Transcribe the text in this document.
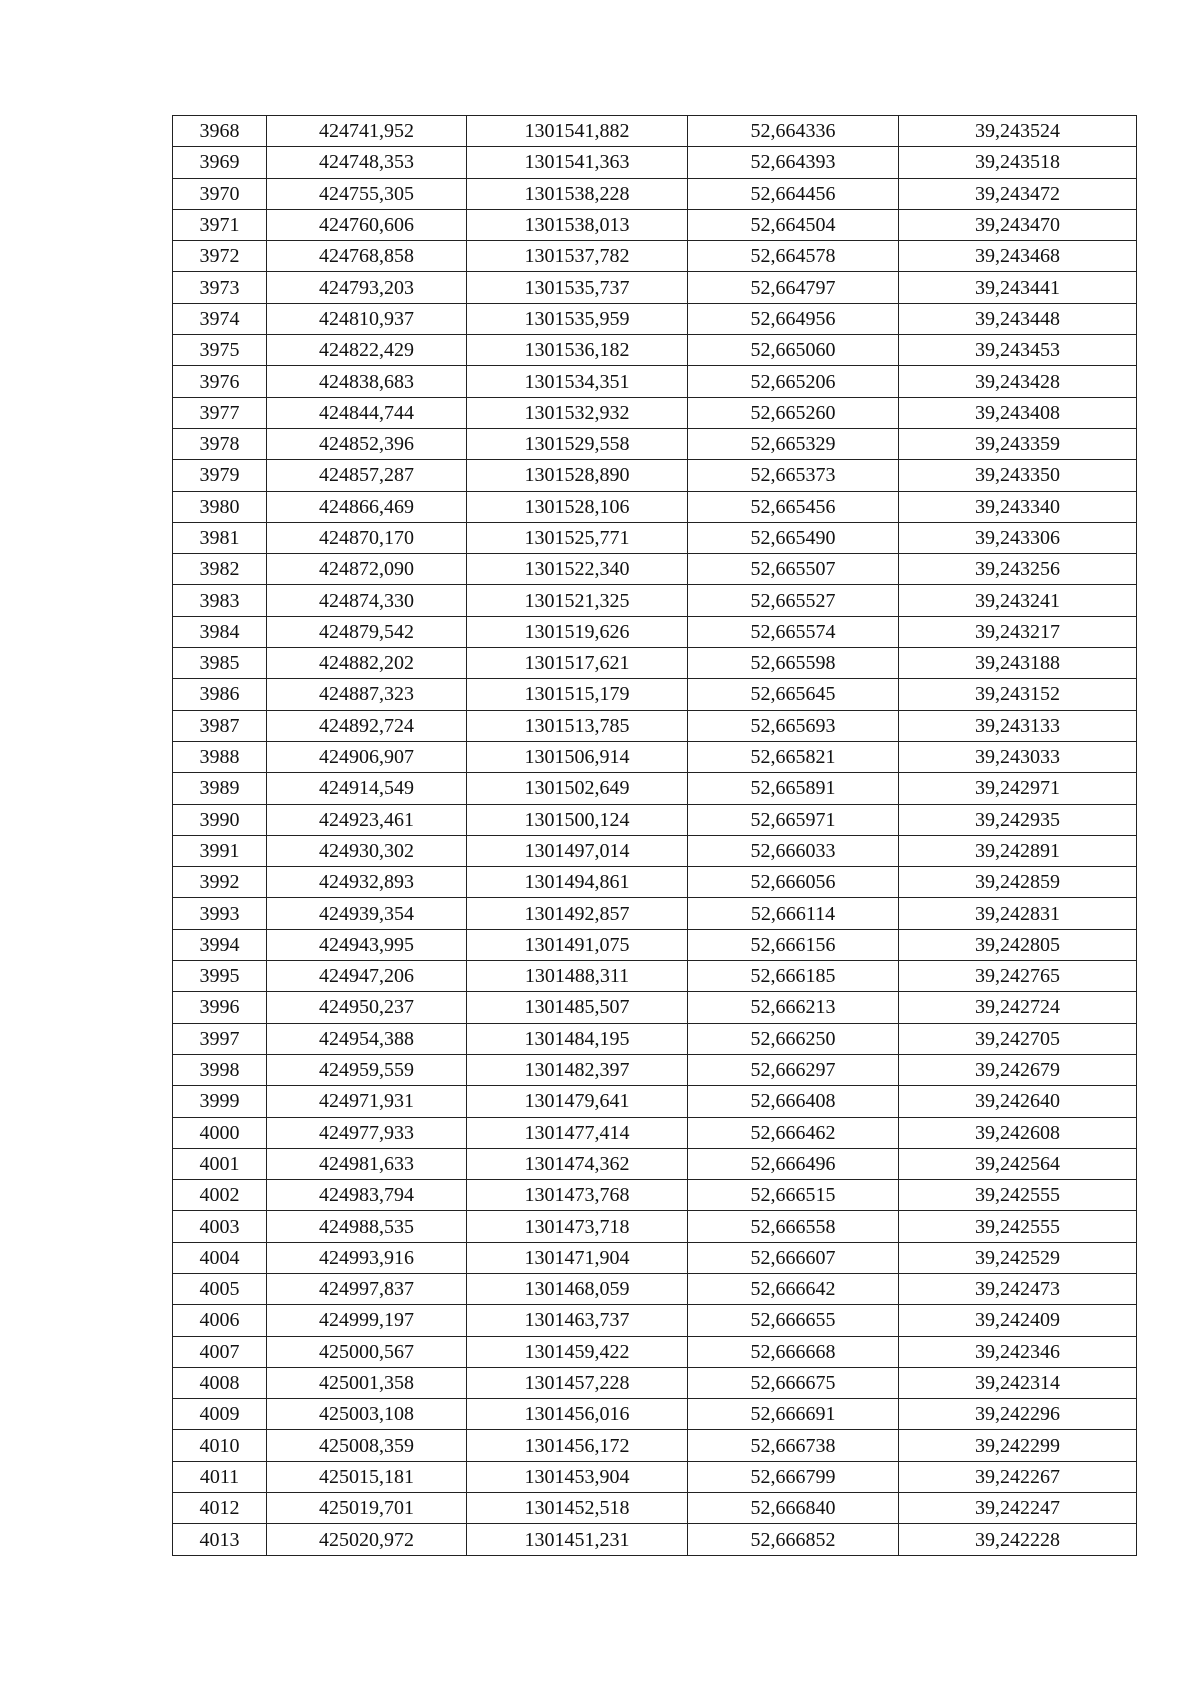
3968	424741,952	1301541,882	52,664336	39,243524
3969	424748,353	1301541,363	52,664393	39,243518
3970	424755,305	1301538,228	52,664456	39,243472
3971	424760,606	1301538,013	52,664504	39,243470
3972	424768,858	1301537,782	52,664578	39,243468
3973	424793,203	1301535,737	52,664797	39,243441
3974	424810,937	1301535,959	52,664956	39,243448
3975	424822,429	1301536,182	52,665060	39,243453
3976	424838,683	1301534,351	52,665206	39,243428
3977	424844,744	1301532,932	52,665260	39,243408
3978	424852,396	1301529,558	52,665329	39,243359
3979	424857,287	1301528,890	52,665373	39,243350
3980	424866,469	1301528,106	52,665456	39,243340
3981	424870,170	1301525,771	52,665490	39,243306
3982	424872,090	1301522,340	52,665507	39,243256
3983	424874,330	1301521,325	52,665527	39,243241
3984	424879,542	1301519,626	52,665574	39,243217
3985	424882,202	1301517,621	52,665598	39,243188
3986	424887,323	1301515,179	52,665645	39,243152
3987	424892,724	1301513,785	52,665693	39,243133
3988	424906,907	1301506,914	52,665821	39,243033
3989	424914,549	1301502,649	52,665891	39,242971
3990	424923,461	1301500,124	52,665971	39,242935
3991	424930,302	1301497,014	52,666033	39,242891
3992	424932,893	1301494,861	52,666056	39,242859
3993	424939,354	1301492,857	52,666114	39,242831
3994	424943,995	1301491,075	52,666156	39,242805
3995	424947,206	1301488,311	52,666185	39,242765
3996	424950,237	1301485,507	52,666213	39,242724
3997	424954,388	1301484,195	52,666250	39,242705
3998	424959,559	1301482,397	52,666297	39,242679
3999	424971,931	1301479,641	52,666408	39,242640
4000	424977,933	1301477,414	52,666462	39,242608
4001	424981,633	1301474,362	52,666496	39,242564
4002	424983,794	1301473,768	52,666515	39,242555
4003	424988,535	1301473,718	52,666558	39,242555
4004	424993,916	1301471,904	52,666607	39,242529
4005	424997,837	1301468,059	52,666642	39,242473
4006	424999,197	1301463,737	52,666655	39,242409
4007	425000,567	1301459,422	52,666668	39,242346
4008	425001,358	1301457,228	52,666675	39,242314
4009	425003,108	1301456,016	52,666691	39,242296
4010	425008,359	1301456,172	52,666738	39,242299
4011	425015,181	1301453,904	52,666799	39,242267
4012	425019,701	1301452,518	52,666840	39,242247
4013	425020,972	1301451,231	52,666852	39,242228
